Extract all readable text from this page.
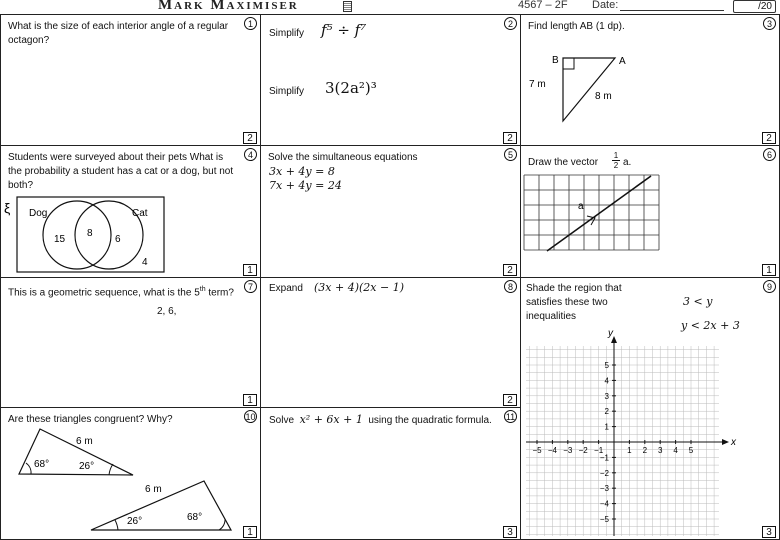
Mark Maximiser	4567 – 2F Date:	/20
What is the size of each interior angle of a regular octagon?
1
2
Simplify f⁵ ÷ f⁷
Simplify 3(2a²)³
2
2
Find length AB (1 dp).
B	A
7 m
8 m
3
2
Students were surveyed about their pets What is the probability a student has a cat or a dog, but not both?
ξ Dog	Cat
15
8
6
4
4
1
Solve the simultaneous equations
3x + 4y = 8
7x + 4y = 24
5
2
Draw the vector
1
2 a.
a
6
1
This is a geometric sequence, what is the 5th term?
2, 6,
7
1
Expand (3x + 4)(2x − 1)	8
2
Shade the region that satisfies these two inequalities
3 < y
y < 2x + 3
x
y
−5 −4 −3 −2 −1	1 2 3 4 5
5
4
3
2
1
−1
−2
−3
−4
−5
9
3
Are these triangles congruent? Why?
6 m
68°	26°
6 m
26°	68°
10
1
Solve x² + 6x + 1 using the quadratic formula. 11
3
